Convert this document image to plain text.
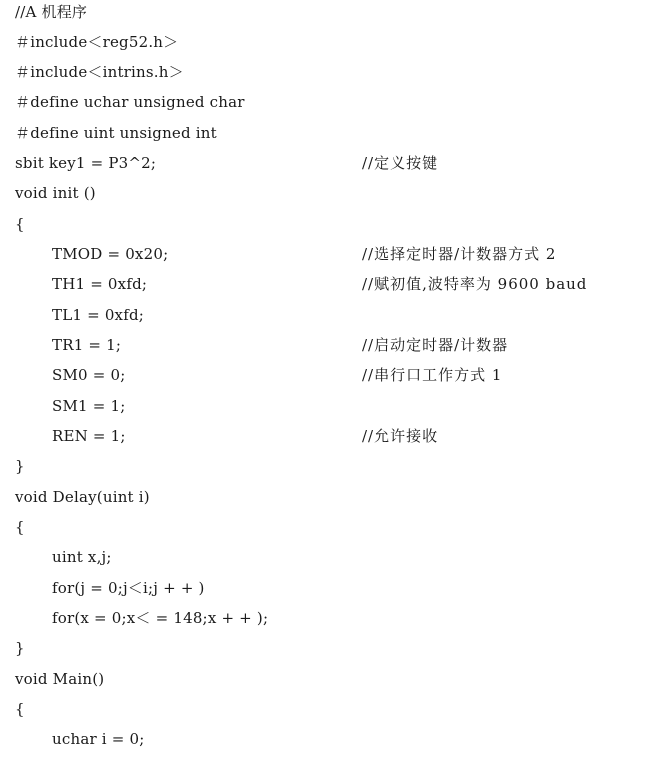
//A 机程序
＃include＜reg52.h＞
＃include＜intrins.h＞
＃define uchar unsigned char
＃define uint unsigned int
sbit key1 = P3^2;	//定义按键
void init ()
{
TMOD = 0x20;	//选择定时器/计数器方式 2
TH1 = 0xfd;	//赋初值,波特率为 9600 baud
TL1 = 0xfd;
TR1 = 1;	//启动定时器/计数器
SM0 = 0;	//串行口工作方式 1
SM1 = 1;
REN = 1;	//允许接收
}
void Delay(uint i)
{
uint x,j;
for(j = 0;j＜i;j + + )
for(x = 0;x＜ = 148;x + + );
}
void Main()
{
uchar i = 0;
